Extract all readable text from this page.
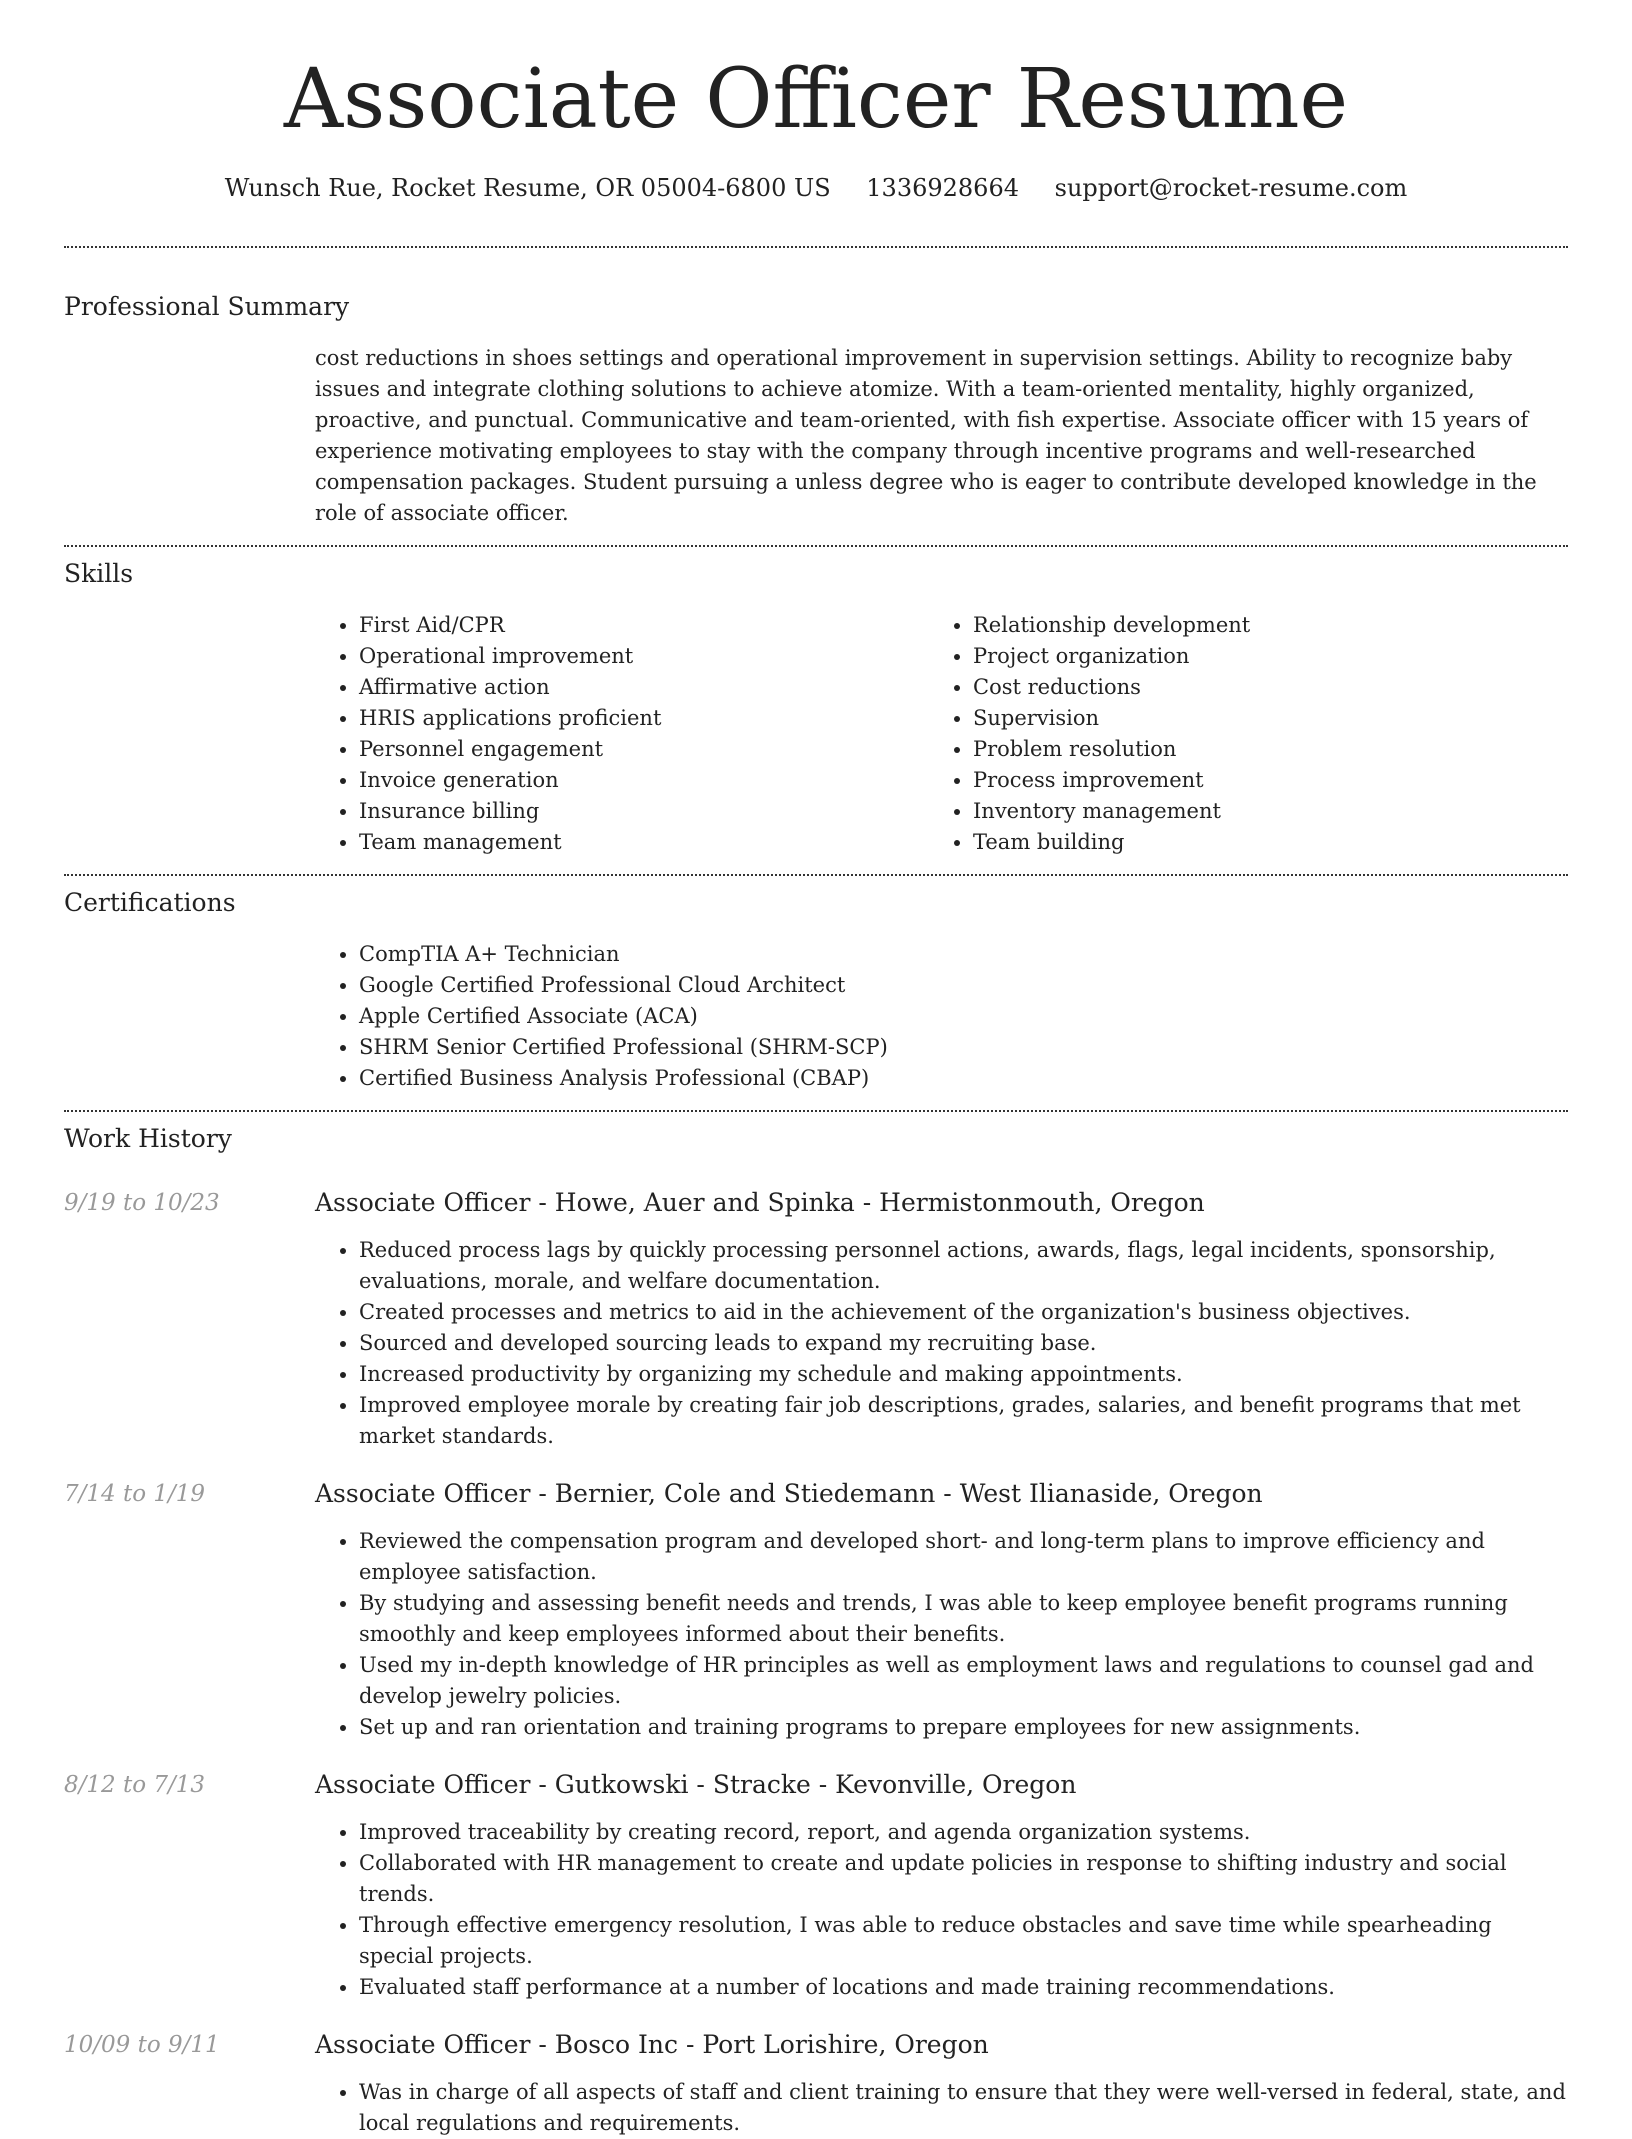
Associate Officer Resume
Wunsch Rue, Rocket Resume, OR 05004-6800 US 1336928664 support@rocket-resume.com
Professional Summary
cost reductions in shoes settings and operational improvement in supervision settings. Ability to recognize baby issues and integrate clothing solutions to achieve atomize. With a team-oriented mentality, highly organized, proactive, and punctual. Communicative and team-oriented, with fish expertise. Associate officer with 15 years of experience motivating employees to stay with the company through incentive programs and well-researched compensation packages. Student pursuing a unless degree who is eager to contribute developed knowledge in the role of associate officer.
Skills
• First Aid/CPR
• Operational improvement
• Affirmative action
• HRIS applications proficient
• Personnel engagement
• Invoice generation
• Insurance billing
• Team management
• Relationship development
• Project organization
• Cost reductions
• Supervision
• Problem resolution
• Process improvement
• Inventory management
• Team building
Certifications
• CompTIA A+ Technician
• Google Certified Professional Cloud Architect
• Apple Certified Associate (ACA)
• SHRM Senior Certified Professional (SHRM-SCP)
• Certified Business Analysis Professional (CBAP)
Work History
9/19 to 10/23	Associate Officer - Howe, Auer and Spinka - Hermistonmouth, Oregon
• Reduced process lags by quickly processing personnel actions, awards, flags, legal incidents, sponsorship, evaluations, morale, and welfare documentation.
• Created processes and metrics to aid in the achievement of the organization's business objectives.
• Sourced and developed sourcing leads to expand my recruiting base.
• Increased productivity by organizing my schedule and making appointments.
• Improved employee morale by creating fair job descriptions, grades, salaries, and benefit programs that met market standards.
7/14 to 1/19	Associate Officer - Bernier, Cole and Stiedemann - West Ilianaside, Oregon
• Reviewed the compensation program and developed short- and long-term plans to improve efficiency and employee satisfaction.
• By studying and assessing benefit needs and trends, I was able to keep employee benefit programs running smoothly and keep employees informed about their benefits.
• Used my in-depth knowledge of HR principles as well as employment laws and regulations to counsel gad and develop jewelry policies.
• Set up and ran orientation and training programs to prepare employees for new assignments.
8/12 to 7/13	Associate Officer - Gutkowski - Stracke - Kevonville, Oregon
• Improved traceability by creating record, report, and agenda organization systems.
• Collaborated with HR management to create and update policies in response to shifting industry and social trends.
• Through effective emergency resolution, I was able to reduce obstacles and save time while spearheading special projects.
• Evaluated staff performance at a number of locations and made training recommendations.
10/09 to 9/11	Associate Officer - Bosco Inc - Port Lorishire, Oregon
• Was in charge of all aspects of staff and client training to ensure that they were well-versed in federal, state, and local regulations and requirements.
